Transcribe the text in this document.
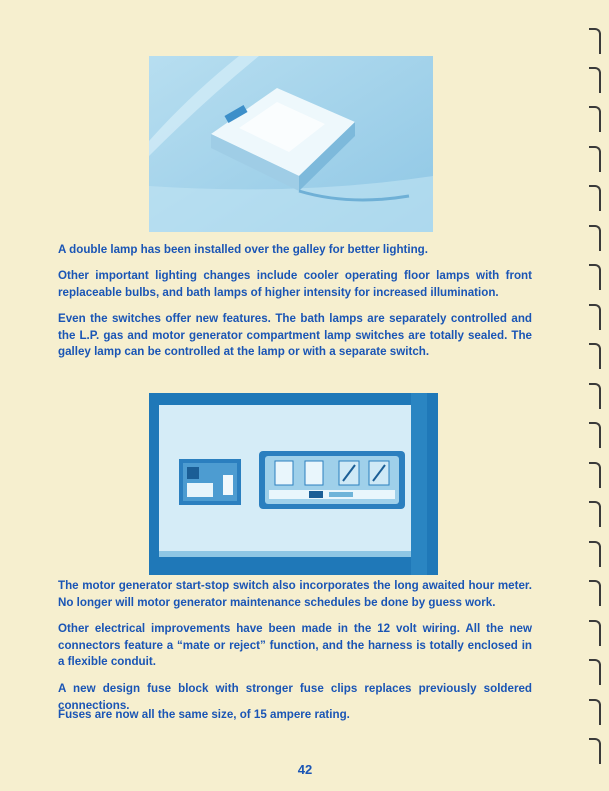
A double lamp has been installed over the galley for better lighting.

Other important lighting changes include cooler operating floor lamps with front replaceable bulbs, and bath lamps of higher intensity for increased illumination.

Even the switches offer new features. The bath lamps are separately controlled and the L.P. gas and motor generator compartment lamp switches are totally sealed. The galley lamp can be controlled at the lamp or with a separate switch.

The motor generator start-stop switch also incorporates the long awaited hour meter. No longer will motor generator maintenance schedules be done by guess work.

Other electrical improvements have been made in the 12 volt wiring. All the new connectors feature a “mate or reject” function, and the harness is totally enclosed in a flexible conduit.

A new design fuse block with stronger fuse clips replaces previously soldered connections.

Fuses are now all the same size, of 15 ampere rating.

42
